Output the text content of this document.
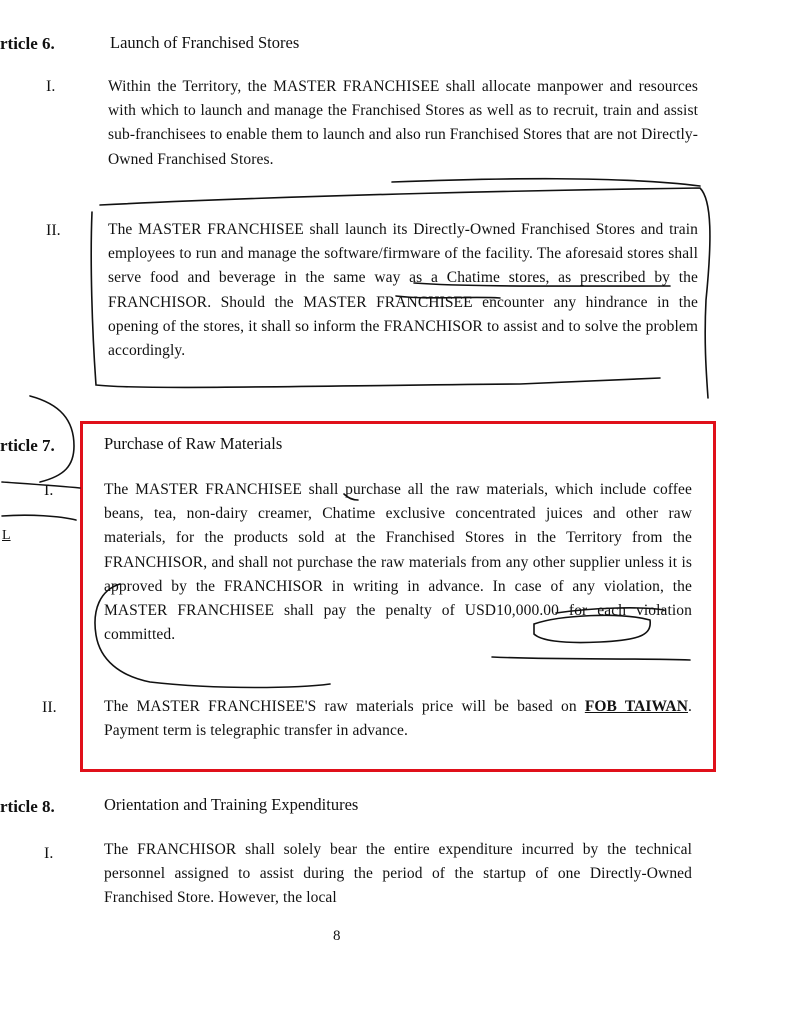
rticle 6.	Launch of Franchised Stores
I.	Within the Territory, the MASTER FRANCHISEE shall allocate manpower and resources with which to launch and manage the Franchised Stores as well as to recruit, train and assist sub-franchisees to enable them to launch and also run Franchised Stores that are not Directly-Owned Franchised Stores.
II.	The MASTER FRANCHISEE shall launch its Directly-Owned Franchised Stores and train employees to run and manage the software/firmware of the facility. The aforesaid stores shall serve food and beverage in the same way as a Chatime stores, as prescribed by the FRANCHISOR. Should the MASTER FRANCHISEE encounter any hindrance in the opening of the stores, it shall so inform the FRANCHISOR to assist and to solve the problem accordingly.
rticle 7.	Purchase of Raw Materials
I.	The MASTER FRANCHISEE shall purchase all the raw materials, which include coffee beans, tea, non-dairy creamer, Chatime exclusive concentrated juices and other raw materials, for the products sold at the Franchised Stores in the Territory from the FRANCHISOR, and shall not purchase the raw materials from any other supplier unless it is approved by the FRANCHISOR in writing in advance. In case of any violation, the MASTER FRANCHISEE shall pay the penalty of USD10,000.00 for each violation committed.
L
II.	The MASTER FRANCHISEE'S raw materials price will be based on FOB TAIWAN. Payment term is telegraphic transfer in advance.
rticle 8.	Orientation and Training Expenditures
I.	The FRANCHISOR shall solely bear the entire expenditure incurred by the technical personnel assigned to assist during the period of the startup of one Directly-Owned Franchised Store. However, the local
8
